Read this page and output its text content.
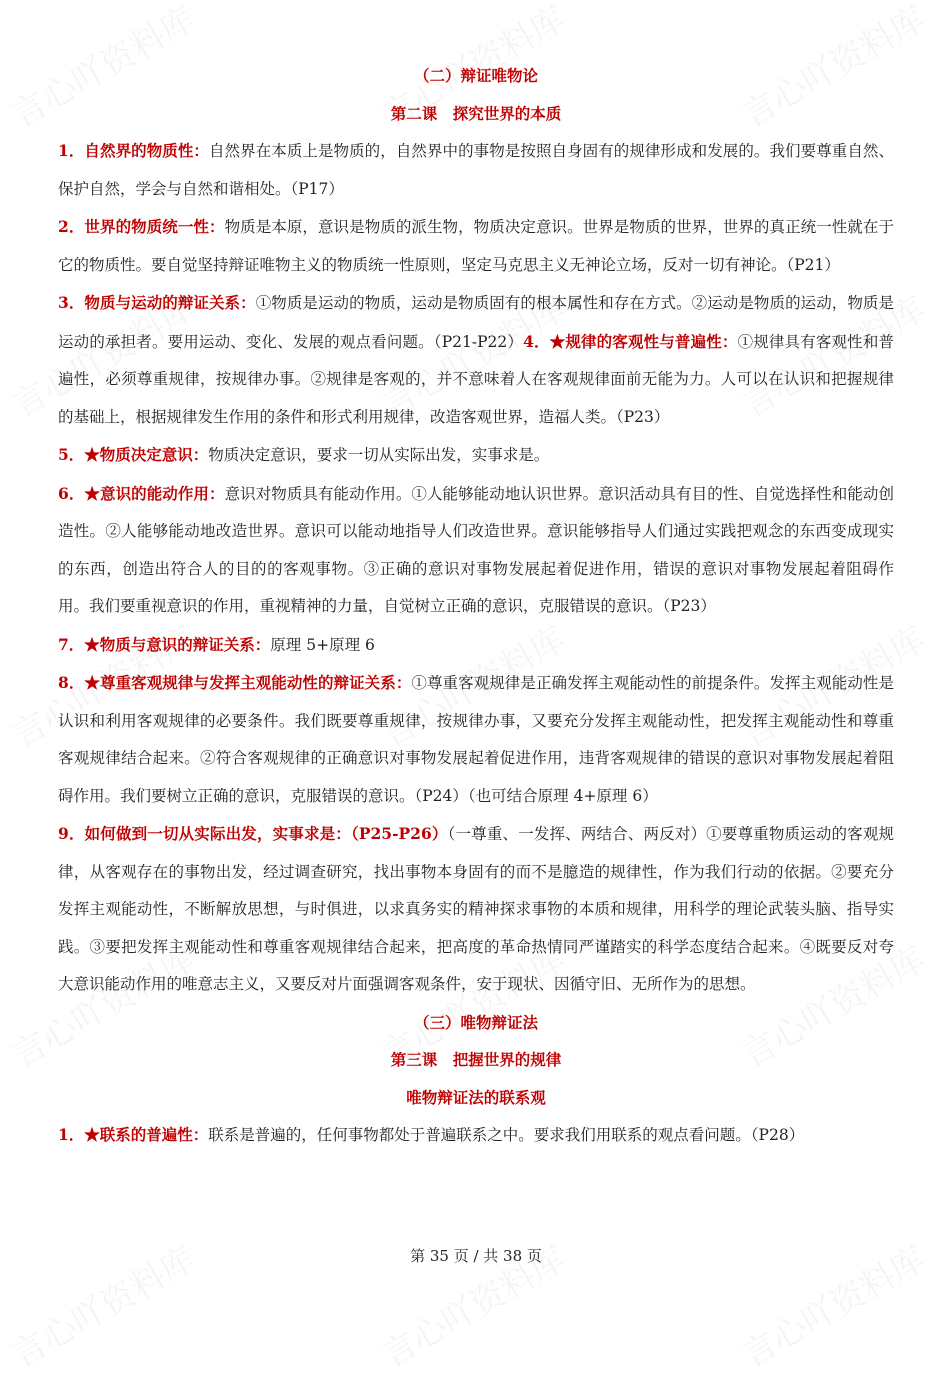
（二）辩证唯物论
第二课　探究世界的本质

1．自然界的物质性：自然界在本质上是物质的，自然界中的事物是按照自身固有的规律形成和发展的。我们要尊重自然、保护自然，学会与自然和谐相处。（P17）

2．世界的物质统一性：物质是本原，意识是物质的派生物，物质决定意识。世界是物质的世界，世界的真正统一性就在于它的物质性。要自觉坚持辩证唯物主义的物质统一性原则，坚定马克思主义无神论立场，反对一切有神论。（P21）

3．物质与运动的辩证关系：①物质是运动的物质，运动是物质固有的根本属性和存在方式。②运动是物质的运动，物质是运动的承担者。要用运动、变化、发展的观点看问题。（P21-P22）4．★规律的客观性与普遍性：①规律具有客观性和普遍性，必须尊重规律，按规律办事。②规律是客观的，并不意味着人在客观规律面前无能为力。人可以在认识和把握规律的基础上，根据规律发生作用的条件和形式利用规律，改造客观世界，造福人类。（P23）

5．★物质决定意识：物质决定意识，要求一切从实际出发，实事求是。

6．★意识的能动作用：意识对物质具有能动作用。①人能够能动地认识世界。意识活动具有目的性、自觉选择性和能动创造性。②人能够能动地改造世界。意识可以能动地指导人们改造世界。意识能够指导人们通过实践把观念的东西变成现实的东西，创造出符合人的目的的客观事物。③正确的意识对事物发展起着促进作用，错误的意识对事物发展起着阻碍作用。我们要重视意识的作用，重视精神的力量，自觉树立正确的意识，克服错误的意识。（P23）

7．★物质与意识的辩证关系：原理 5+原理 6

8．★尊重客观规律与发挥主观能动性的辩证关系：①尊重客观规律是正确发挥主观能动性的前提条件。发挥主观能动性是认识和利用客观规律的必要条件。我们既要尊重规律，按规律办事，又要充分发挥主观能动性，把发挥主观能动性和尊重客观规律结合起来。②符合客观规律的正确意识对事物发展起着促进作用，违背客观规律的错误的意识对事物发展起着阻碍作用。我们要树立正确的意识，克服错误的意识。（P24）（也可结合原理 4+原理 6）

9．如何做到一切从实际出发，实事求是：（P25-P26）（一尊重、一发挥、两结合、两反对）①要尊重物质运动的客观规律，从客观存在的事物出发，经过调查研究，找出事物本身固有的而不是臆造的规律性，作为我们行动的依据。②要充分发挥主观能动性，不断解放思想，与时俱进，以求真务实的精神探求事物的本质和规律，用科学的理论武装头脑、指导实践。③要把发挥主观能动性和尊重客观规律结合起来，把高度的革命热情同严谨踏实的科学态度结合起来。④既要反对夸大意识能动作用的唯意志主义，又要反对片面强调客观条件，安于现状、因循守旧、无所作为的思想。

（三）唯物辩证法
第三课　把握世界的规律
唯物辩证法的联系观

1．★联系的普遍性：联系是普遍的，任何事物都处于普遍联系之中。要求我们用联系的观点看问题。（P28）

第 35 页 / 共 38 页
